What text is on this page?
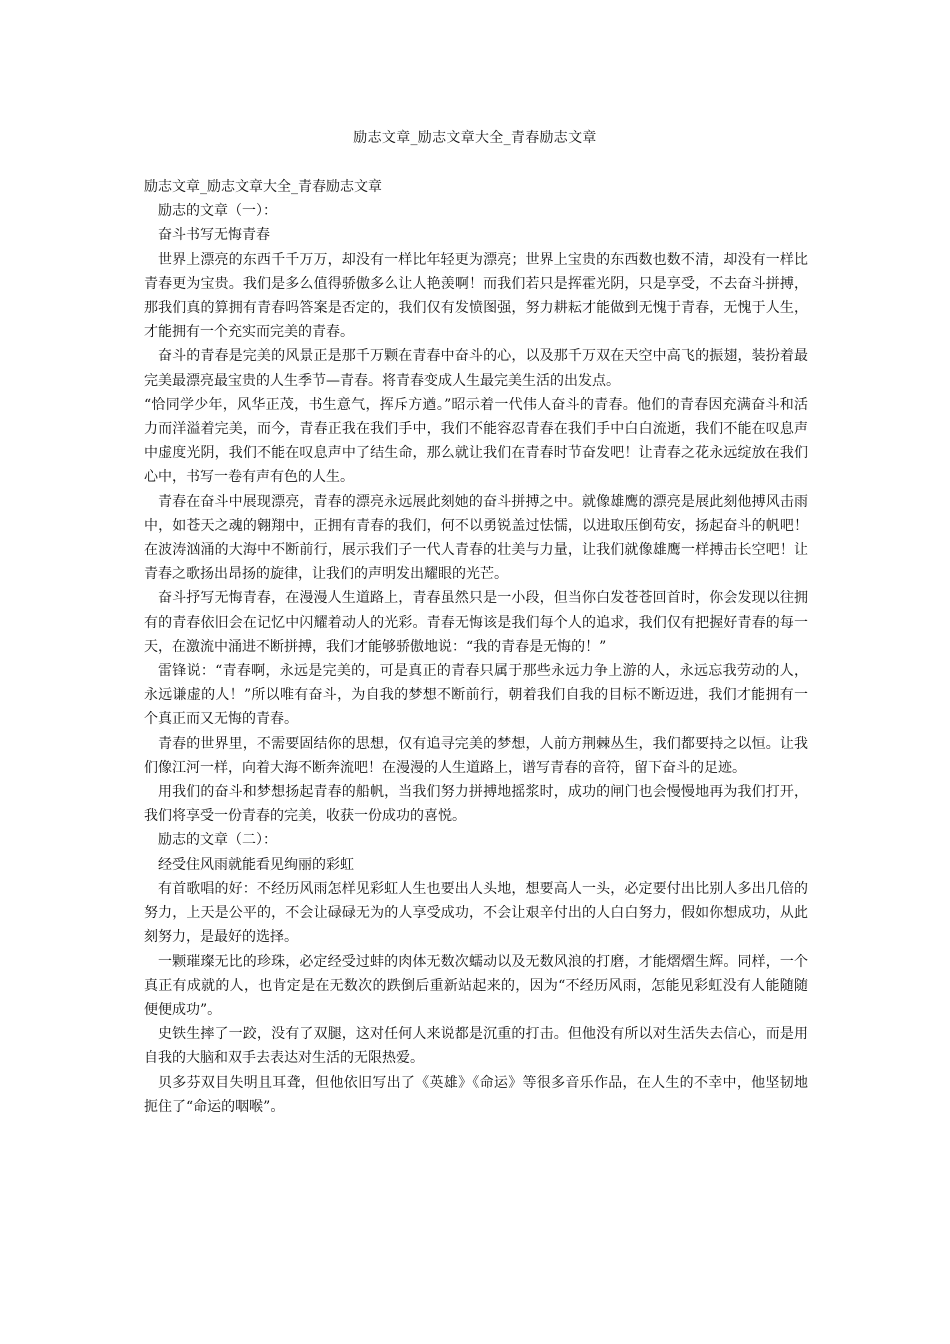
励志文章_励志文章大全_青春励志文章

励志文章_励志文章大全_青春励志文章

励志的文章（一）：

奋斗书写无悔青春

世界上漂亮的东西千千万万，却没有一样比年轻更为漂亮；世界上宝贵的东西数也数不清，却没有一样比青春更为宝贵。我们是多么值得骄傲多么让人艳羡啊！而我们若只是挥霍光阴，只是享受，不去奋斗拼搏，那我们真的算拥有青春吗答案是否定的，我们仅有发愤图强，努力耕耘才能做到无愧于青春，无愧于人生，才能拥有一个充实而完美的青春。

奋斗的青春是完美的风景正是那千万颗在青春中奋斗的心，以及那千万双在天空中高飞的振翅，装扮着最完美最漂亮最宝贵的人生季节—青春。将青春变成人生最完美生活的出发点。

“恰同学少年，风华正茂，书生意气，挥斥方遒。”昭示着一代伟人奋斗的青春。他们的青春因充满奋斗和活力而洋溢着完美，而今，青春正我在我们手中，我们不能容忍青春在我们手中白白流逝，我们不能在叹息声中虚度光阴，我们不能在叹息声中了结生命，那么就让我们在青春时节奋发吧！让青春之花永远绽放在我们心中，书写一卷有声有色的人生。

青春在奋斗中展现漂亮，青春的漂亮永远展此刻她的奋斗拼搏之中。就像雄鹰的漂亮是展此刻他搏风击雨中，如苍天之魂的翱翔中，正拥有青春的我们，何不以勇锐盖过怯懦，以进取压倒苟安，扬起奋斗的帆吧！在波涛汹涌的大海中不断前行，展示我们子一代人青春的壮美与力量，让我们就像雄鹰一样搏击长空吧！让青春之歌扬出昂扬的旋律，让我们的声明发出耀眼的光芒。

奋斗抒写无悔青春，在漫漫人生道路上，青春虽然只是一小段，但当你白发苍苍回首时，你会发现以往拥有的青春依旧会在记忆中闪耀着动人的光彩。青春无悔该是我们每个人的追求，我们仅有把握好青春的每一天，在激流中涌进不断拼搏，我们才能够骄傲地说：“我的青春是无悔的！”

雷锋说：“青春啊，永远是完美的，可是真正的青春只属于那些永远力争上游的人，永远忘我劳动的人，永远谦虚的人！”所以唯有奋斗，为自我的梦想不断前行，朝着我们自我的目标不断迈进，我们才能拥有一个真正而又无悔的青春。

青春的世界里，不需要固结你的思想，仅有追寻完美的梦想，人前方荆棘丛生，我们都要持之以恒。让我们像江河一样，向着大海不断奔流吧！在漫漫的人生道路上，谱写青春的音符，留下奋斗的足迹。

用我们的奋斗和梦想扬起青春的船帆，当我们努力拼搏地摇浆时，成功的闸门也会慢慢地再为我们打开，我们将享受一份青春的完美，收获一份成功的喜悦。

励志的文章（二）：

经受住风雨就能看见绚丽的彩虹

有首歌唱的好：不经历风雨怎样见彩虹人生也要出人头地，想要高人一头，必定要付出比别人多出几倍的努力，上天是公平的，不会让碌碌无为的人享受成功，不会让艰辛付出的人白白努力，假如你想成功，从此刻努力，是最好的选择。

一颗璀璨无比的珍珠，必定经受过蚌的肉体无数次蠕动以及无数风浪的打磨，才能熠熠生辉。同样，一个真正有成就的人，也肯定是在无数次的跌倒后重新站起来的，因为“不经历风雨，怎能见彩虹没有人能随随便便成功”。

史铁生摔了一跤，没有了双腿，这对任何人来说都是沉重的打击。但他没有所以对生活失去信心，而是用自我的大脑和双手去表达对生活的无限热爱。

贝多芬双目失明且耳聋，但他依旧写出了《英雄》《命运》等很多音乐作品，在人生的不幸中，他坚韧地扼住了“命运的咽喉”。
